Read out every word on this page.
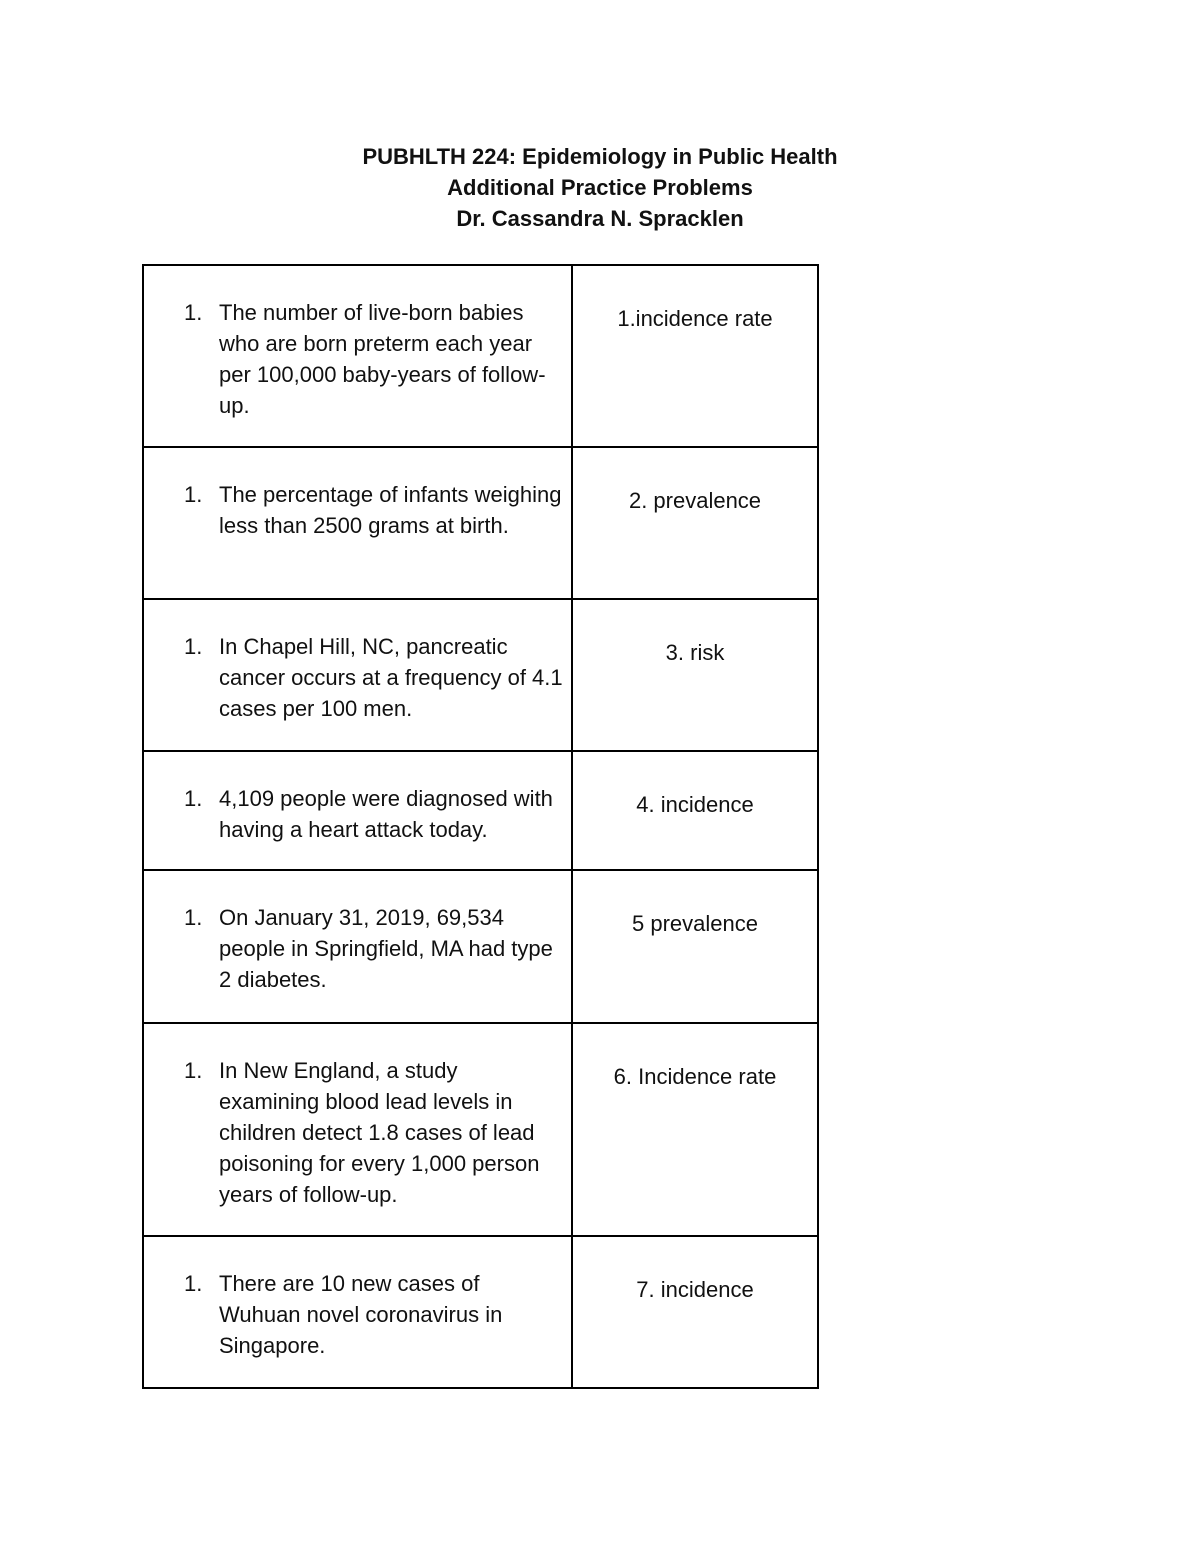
PUBHLTH 224: Epidemiology in Public Health

Additional Practice Problems

Dr. Cassandra N. Spracklen

1. The number of live-born babies who are born preterm each year per 100,000 baby-years of follow-up.	1.incidence rate

1. The percentage of infants weighing less than 2500 grams at birth.	2. prevalence

1. In Chapel Hill, NC, pancreatic cancer occurs at a frequency of 4.1 cases per 100 men.	3. risk

1. 4,109 people were diagnosed with having a heart attack today.	4. incidence

1. On January 31, 2019, 69,534 people in Springfield, MA had type 2 diabetes.	5 prevalence

1. In New England, a study examining blood lead levels in children detect 1.8 cases of lead poisoning for every 1,000 person years of follow-up.	6. Incidence rate

1. There are 10 new cases of Wuhuan novel coronavirus in Singapore.	7. incidence
